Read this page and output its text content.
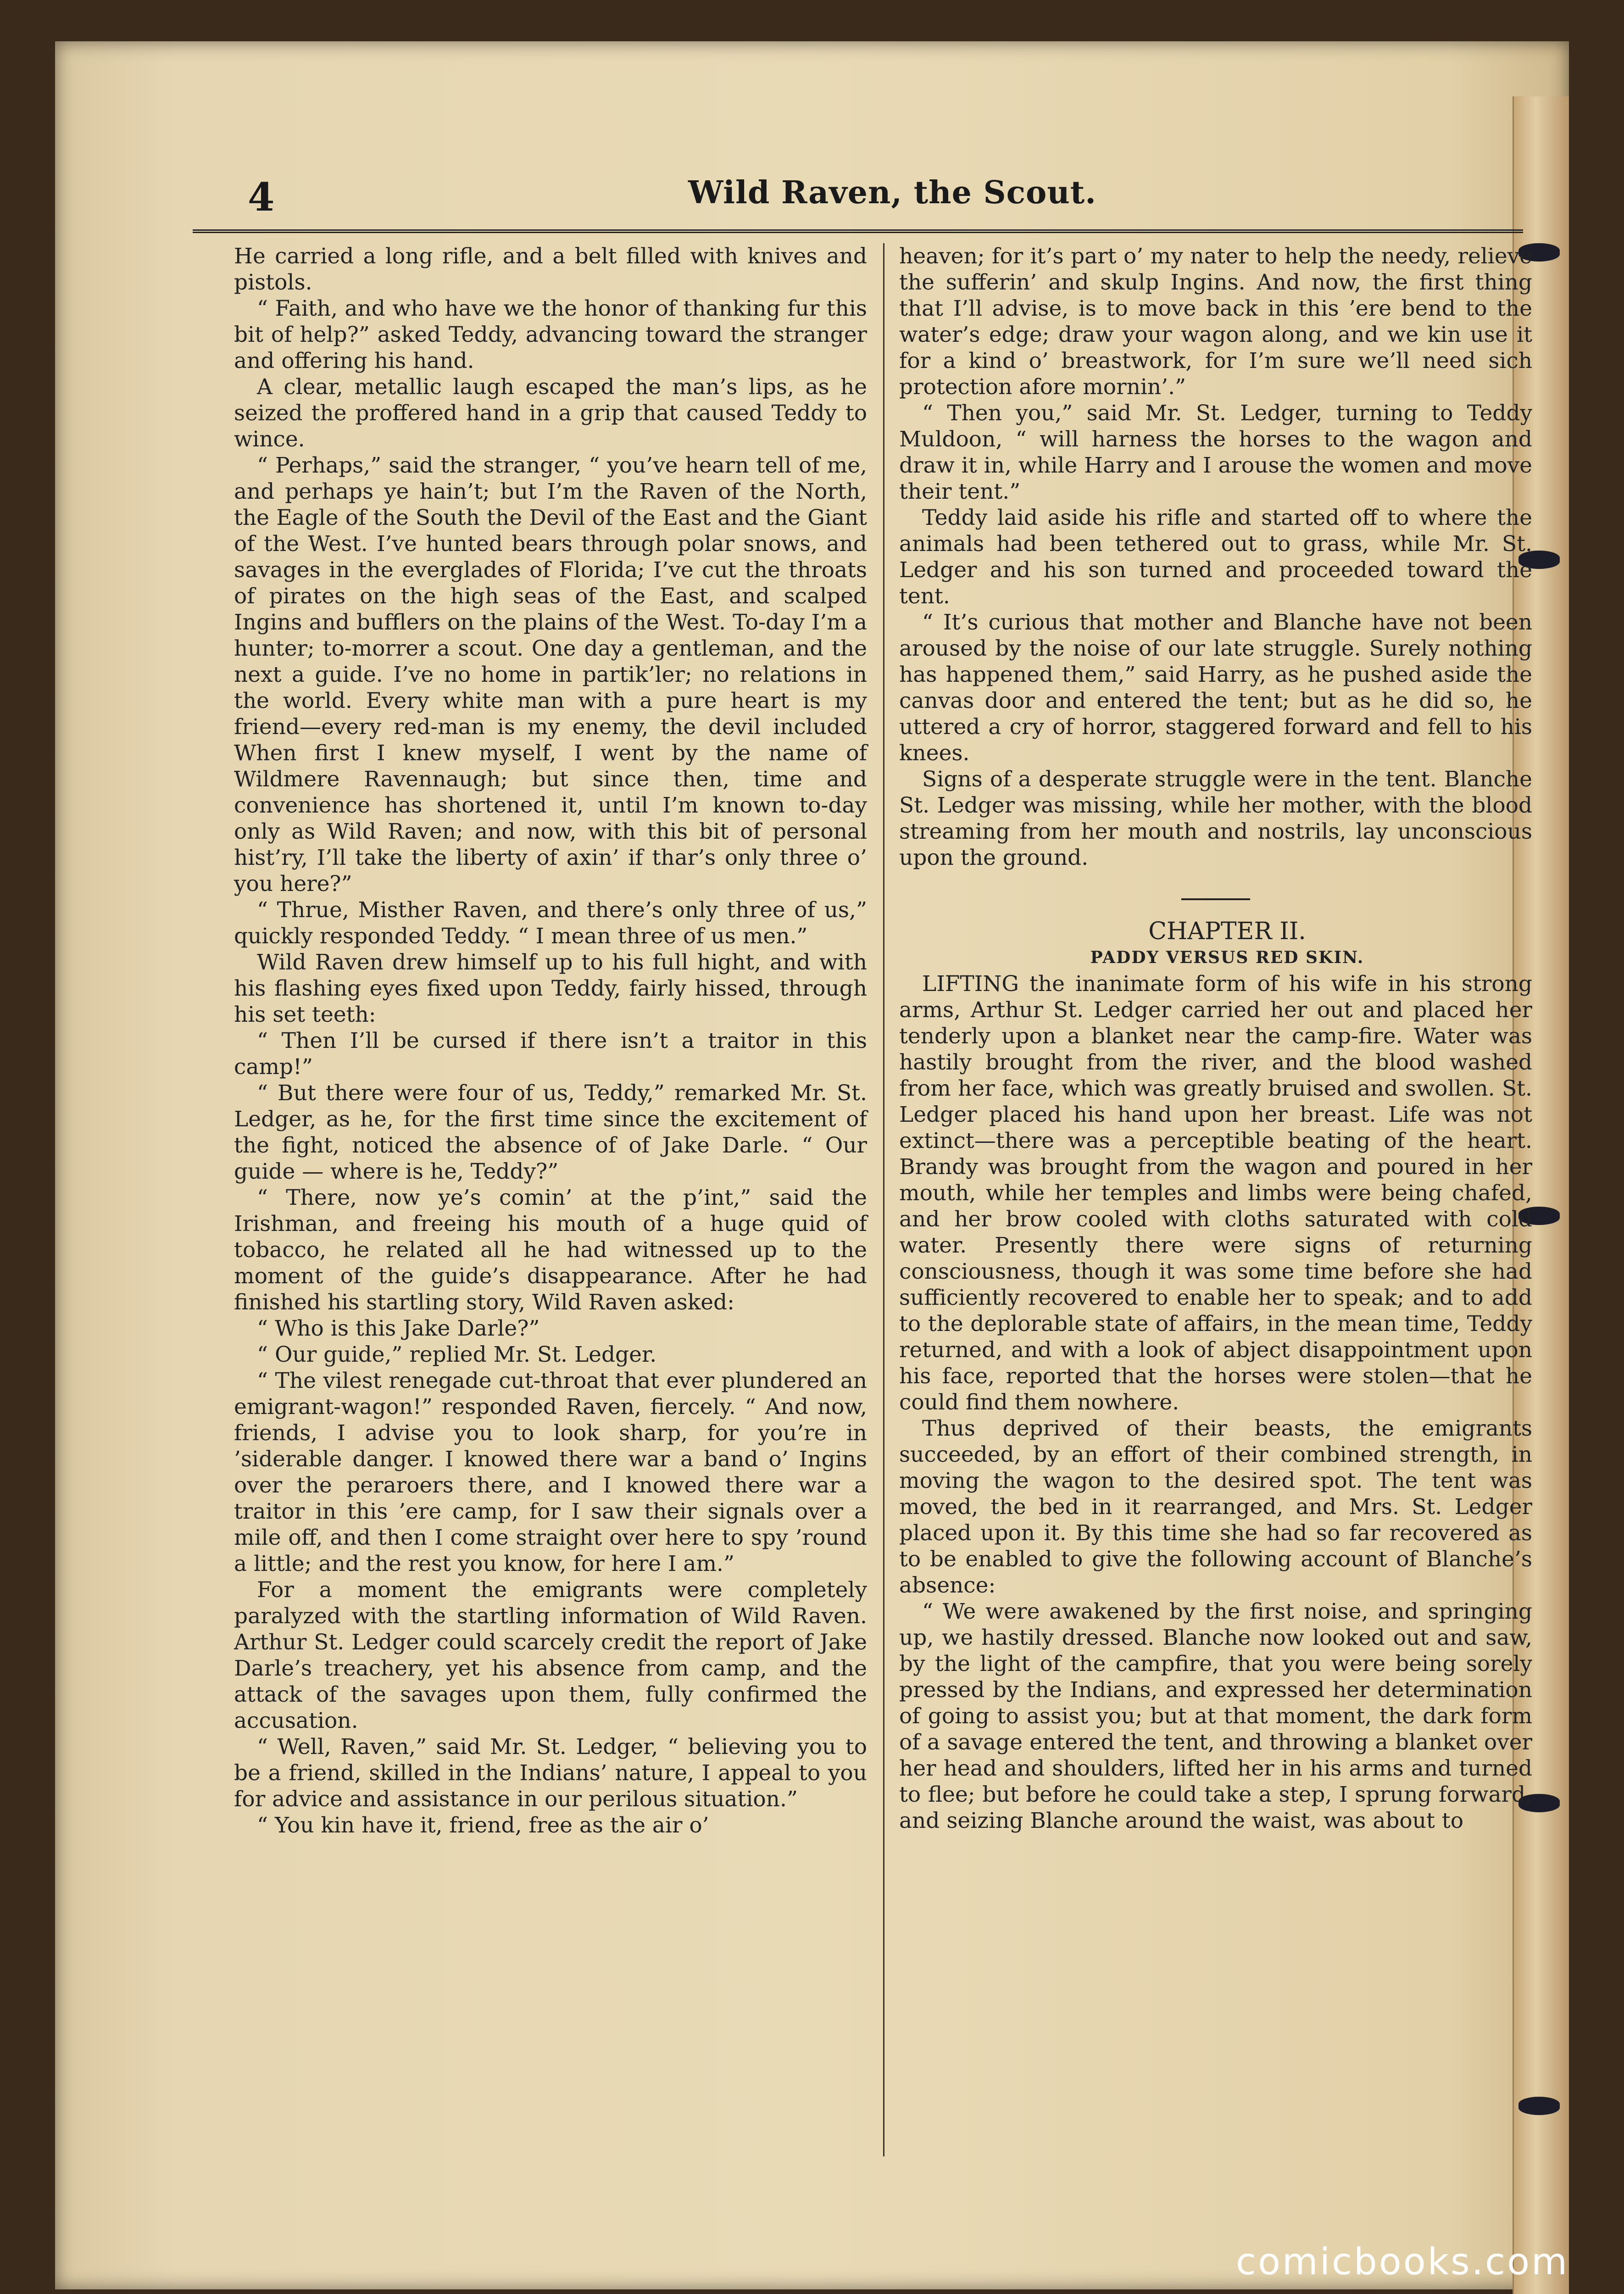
4	Wild Raven, the Scout.

He carried a long rifle, and a belt filled with knives and pistols.

“ Faith, and who have we the honor of thanking fur this bit of help?” asked Teddy, advancing toward the stranger and offering his hand.

A clear, metallic laugh escaped the man’s lips, as he seized the proffered hand in a grip that caused Teddy to wince.

“ Perhaps,” said the stranger, “ you’ve hearn tell of me, and perhaps ye hain’t; but I’m the Raven of the North, the Eagle of the South the Devil of the East and the Giant of the West. I’ve hunted bears through polar snows, and savages in the everglades of Florida; I’ve cut the throats of pirates on the high seas of the East, and scalped Ingins and bufflers on the plains of the West. To-day I’m a hunter; to-morrer a scout. One day a gentleman, and the next a guide. I’ve no home in partik’ler; no relations in the world. Every white man with a pure heart is my friend—every red-man is my enemy, the devil included When first I knew myself, I went by the name of Wildmere Ravennaugh; but since then, time and convenience has shortened it, until I’m known to-day only as Wild Raven; and now, with this bit of personal hist’ry, I’ll take the liberty of axin’ if thar’s only three o’ you here?”

“ Thrue, Misther Raven, and there’s only three of us,” quickly responded Teddy. “ I mean three of us men.”

Wild Raven drew himself up to his full hight, and with his flashing eyes fixed upon Teddy, fairly hissed, through his set teeth:

“ Then I’ll be cursed if there isn’t a traitor in this camp!”

“ But there were four of us, Teddy,” remarked Mr. St. Ledger, as he, for the first time since the excitement of the fight, noticed the absence of of Jake Darle. “ Our guide — where is he, Teddy?”

“ There, now ye’s comin’ at the p’int,” said the Irishman, and freeing his mouth of a huge quid of tobacco, he related all he had witnessed up to the moment of the guide’s disappearance. After he had finished his startling story, Wild Raven asked:

“ Who is this Jake Darle?”

“ Our guide,” replied Mr. St. Ledger.

“ The vilest renegade cut-throat that ever plundered an emigrant-wagon!” responded Raven, fiercely. “ And now, friends, I advise you to look sharp, for you’re in ’siderable danger. I knowed there war a band o’ Ingins over the peraroers there, and I knowed there war a traitor in this ’ere camp, for I saw their signals over a mile off, and then I come straight over here to spy ’round a little; and the rest you know, for here I am.”

For a moment the emigrants were completely paralyzed with the startling information of Wild Raven. Arthur St. Ledger could scarcely credit the report of Jake Darle’s treachery, yet his absence from camp, and the attack of the savages upon them, fully confirmed the accusation.

“ Well, Raven,” said Mr. St. Ledger, “ believing you to be a friend, skilled in the Indians’ nature, I appeal to you for advice and assistance in our perilous situation.”

“ You kin have it, friend, free as the air o’

heaven; for it’s part o’ my nater to help the needy, relieve the sufferin’ and skulp Ingins. And now, the first thing that I’ll advise, is to move back in this ’ere bend to the water’s edge; draw your wagon along, and we kin use it for a kind o’ breastwork, for I’m sure we’ll need sich protection afore mornin’.”

“ Then you,” said Mr. St. Ledger, turning to Teddy Muldoon, “ will harness the horses to the wagon and draw it in, while Harry and I arouse the women and move their tent.”

Teddy laid aside his rifle and started off to where the animals had been tethered out to grass, while Mr. St. Ledger and his son turned and proceeded toward the tent.

“ It’s curious that mother and Blanche have not been aroused by the noise of our late struggle. Surely nothing has happened them,” said Harry, as he pushed aside the canvas door and entered the tent; but as he did so, he uttered a cry of horror, staggered forward and fell to his knees.

Signs of a desperate struggle were in the tent. Blanche St. Ledger was missing, while her mother, with the blood streaming from her mouth and nostrils, lay unconscious upon the ground.

CHAPTER II.

PADDY VERSUS RED SKIN.

LIFTING the inanimate form of his wife in his strong arms, Arthur St. Ledger carried her out and placed her tenderly upon a blanket near the camp-fire. Water was hastily brought from the river, and the blood washed from her face, which was greatly bruised and swollen. St. Ledger placed his hand upon her breast. Life was not extinct—there was a perceptible beating of the heart. Brandy was brought from the wagon and poured in her mouth, while her temples and limbs were being chafed, and her brow cooled with cloths saturated with cold water. Presently there were signs of returning consciousness, though it was some time before she had sufficiently recovered to enable her to speak; and to add to the deplorable state of affairs, in the mean time, Teddy returned, and with a look of abject disappointment upon his face, reported that the horses were stolen—that he could find them nowhere.

Thus deprived of their beasts, the emigrants succeeded, by an effort of their combined strength, in moving the wagon to the desired spot. The tent was moved, the bed in it rearranged, and Mrs. St. Ledger placed upon it. By this time she had so far recovered as to be enabled to give the following account of Blanche’s absence:

“ We were awakened by the first noise, and springing up, we hastily dressed. Blanche now looked out and saw, by the light of the campfire, that you were being sorely pressed by the Indians, and expressed her determination of going to assist you; but at that moment, the dark form of a savage entered the tent, and throwing a blanket over her head and shoulders, lifted her in his arms and turned to flee; but before he could take a step, I sprung forward, and seizing Blanche around the waist, was about to

comicbooks.com
